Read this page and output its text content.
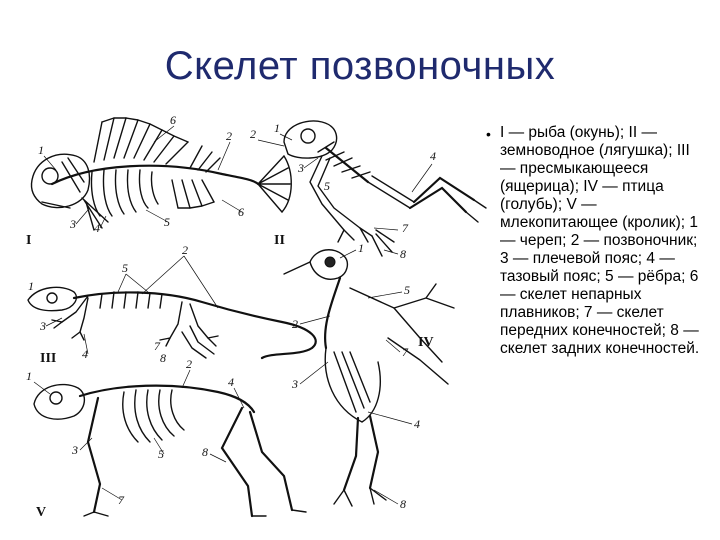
Скелет позвоночных
1
2
3 4	5
6
6
I
1
2
3
4
5
7
8
II
1
2
3
4
5
7
8
III
1
2
3
4
5
7
8
IV
1
2
3
4
5
7
8
V
• I — рыба (окунь); II — земноводное (лягушка); III — пресмыкающееся (ящерица); IV — птица (голубь); V — млекопитающее (кролик); 1 — череп; 2 — позвоночник; 3 — плечевой пояс; 4 — тазовый пояс; 5 — рёбра; 6 — скелет непарных плавников; 7 — скелет передних конечностей; 8 — скелет задних конечностей.
